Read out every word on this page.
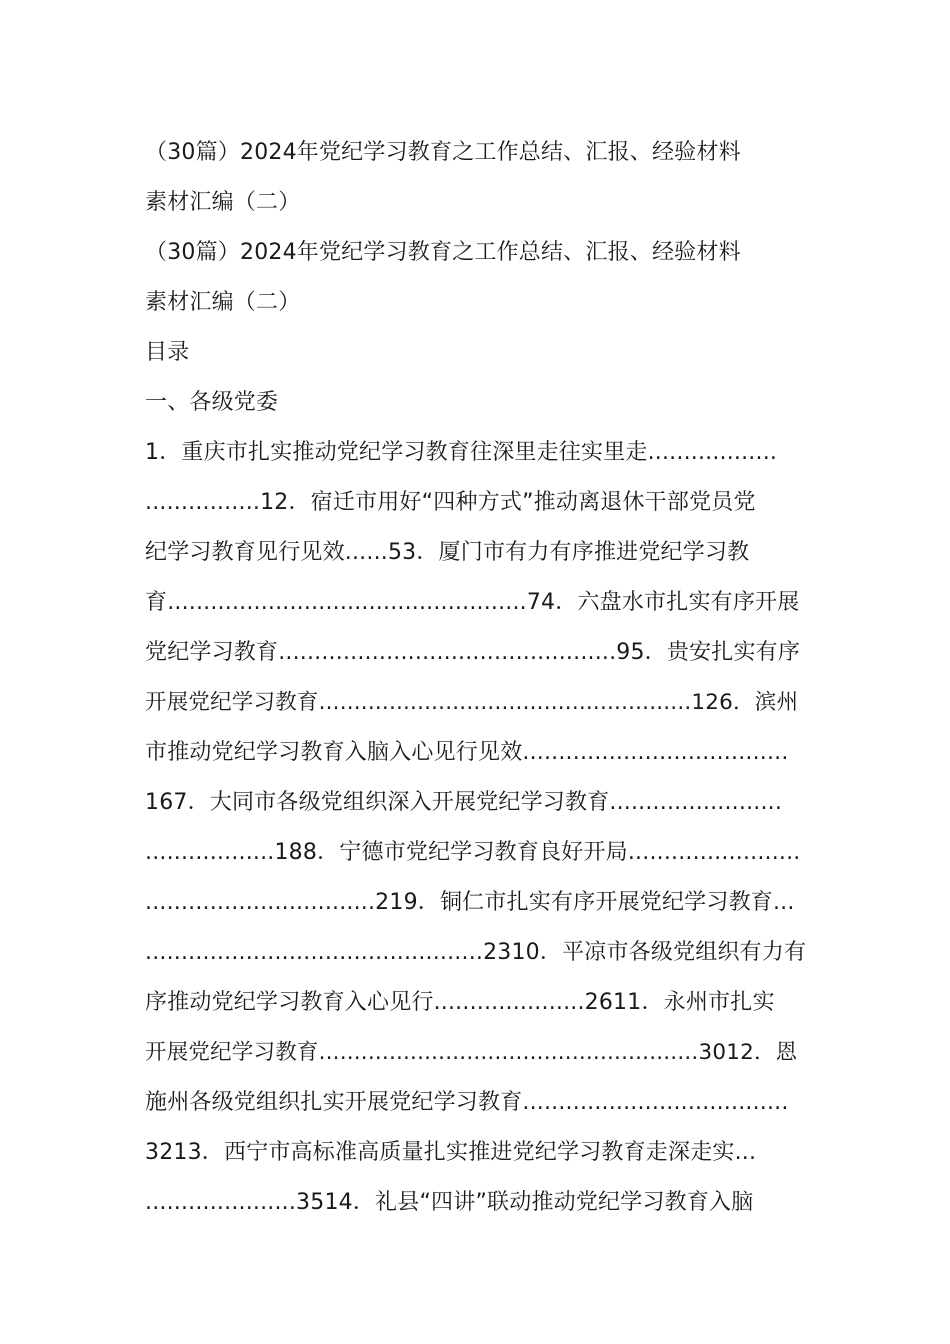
（30篇）2024年党纪学习教育之工作总结、汇报、经验材料
素材汇编（二）
（30篇）2024年党纪学习教育之工作总结、汇报、经验材料
素材汇编（二）
目录
一、各级党委
1．重庆市扎实推动党纪学习教育往深里走往实里走..................
................12．宿迁市用好“四种方式”推动离退休干部党员党
纪学习教育见行见效......53．厦门市有力有序推进党纪学习教
育..................................................74．六盘水市扎实有序开展
党纪学习教育...............................................95．贵安扎实有序
开展党纪学习教育.....................................................126．滨州
市推动党纪学习教育入脑入心见行见效.....................................
167．大同市各级党组织深入开展党纪学习教育........................
..................188．宁德市党纪学习教育良好开局........................
................................219．铜仁市扎实有序开展党纪学习教育...
...............................................2310．平凉市各级党组织有力有
序推动党纪学习教育入心见行.....................2611．永州市扎实
开展党纪学习教育......................................................3012．恩
施州各级党组织扎实开展党纪学习教育.....................................
3213．西宁市高标准高质量扎实推进党纪学习教育走深走实...
.....................3514．礼县“四讲”联动推动党纪学习教育入脑
